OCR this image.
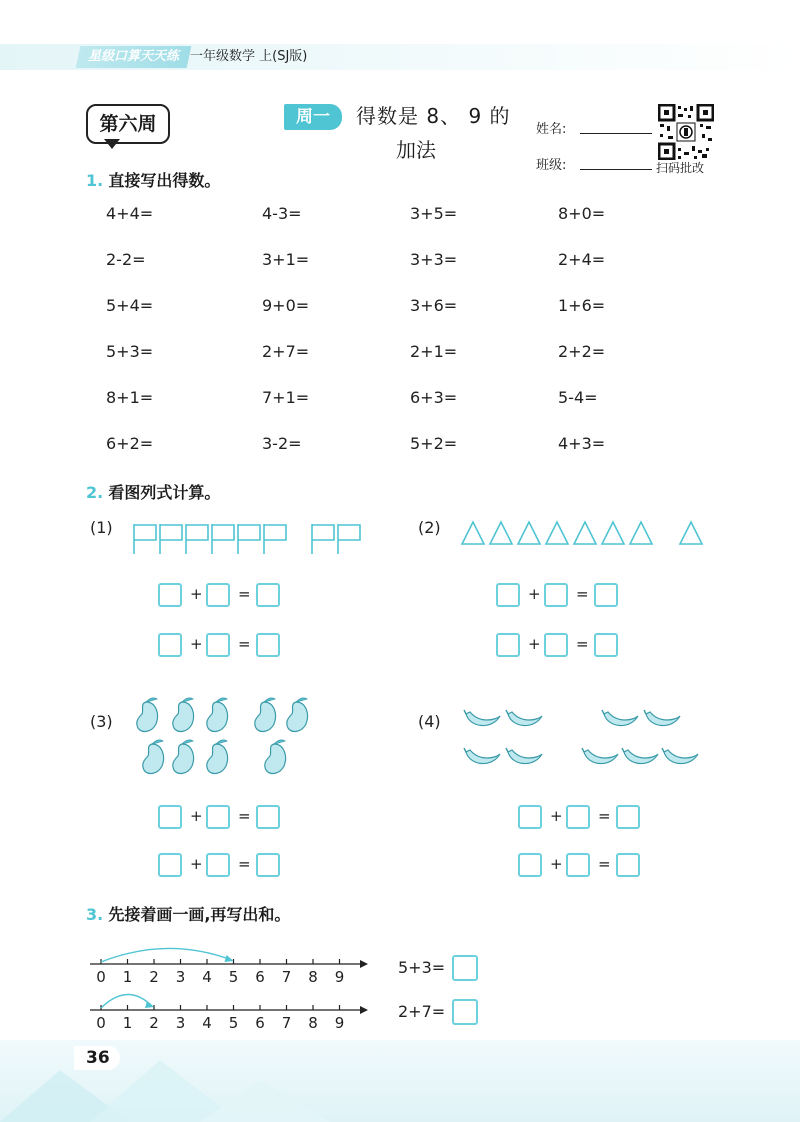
星级口算天天练 一年级数学 上(SJ版)
第六周	周一	得数是 8、 9 的
加法
姓名:
班级:	扫码批改
1. 直接写出得数。
4+4=	4-3=	3+5=	8+0=
2-2=	3+1=	3+3=	2+4=
5+4=	9+0=	3+6=	1+6=
5+3=	2+7=	2+1=	2+2=
8+1=	7+1=	6+3=	5-4=
6+2=	3-2=	5+2=	4+3=
2. 看图列式计算。
(1)	(2)
(3)	(4)
+ =
+ =
+ =
+ =
+ =
+ =
+ =
+ =
3. 先接着画一画,再写出和。
0 1 2 3 4 5 6 7 8 9
0 1 2 3 4 5 6 7 8 9
5+3=
2+7=
36
